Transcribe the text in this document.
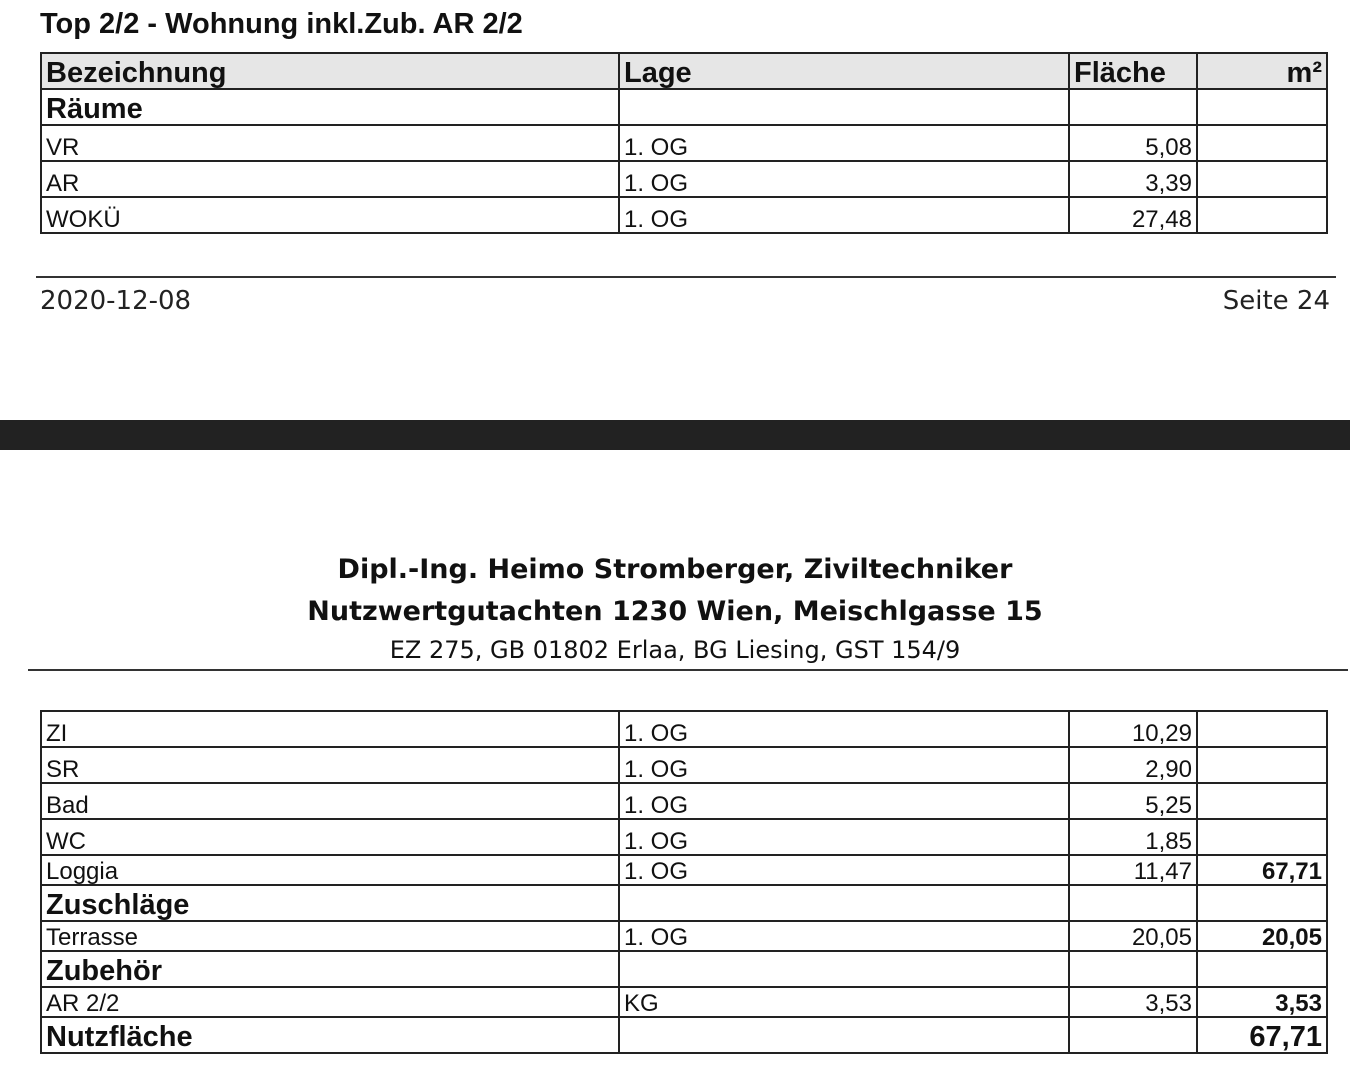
Top 2/2 - Wohnung inkl.Zub. AR 2/2
Bezeichnung	Lage	Fläche	m²
Räume			
VR	1. OG	5,08	
AR	1. OG	3,39	
WOKÜ	1. OG	27,48	
2020-12-08	Seite 24
Dipl.-Ing. Heimo Stromberger, Ziviltechniker
Nutzwertgutachten 1230 Wien, Meischlgasse 15
EZ 275, GB 01802 Erlaa, BG Liesing, GST 154/9
ZI	1. OG	10,29	
SR	1. OG	2,90	
Bad	1. OG	5,25	
WC	1. OG	1,85	
Loggia	1. OG	11,47	67,71
Zuschläge			
Terrasse	1. OG	20,05	20,05
Zubehör			
AR 2/2	KG	3,53	3,53
Nutzfläche			67,71
